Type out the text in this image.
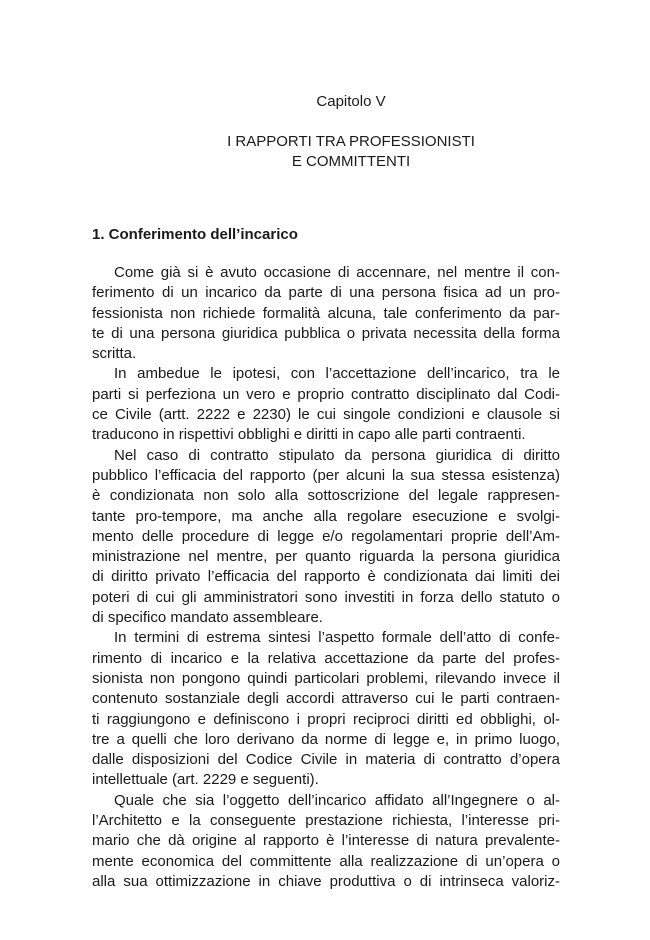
Capitolo V
I RAPPORTI TRA PROFESSIONISTI
E COMMITTENTI
1. Conferimento dell’incarico
Come già si è avuto occasione di accennare, nel mentre il con-
ferimento di un incarico da parte di una persona fisica ad un pro-
fessionista non richiede formalità alcuna, tale conferimento da par-
te di una persona giuridica pubblica o privata necessita della forma
scritta.
In ambedue le ipotesi, con l’accettazione dell’incarico, tra le
parti si perfeziona un vero e proprio contratto disciplinato dal Codi-
ce Civile (artt. 2222 e 2230) le cui singole condizioni e clausole si
traducono in rispettivi obblighi e diritti in capo alle parti contraenti.
Nel caso di contratto stipulato da persona giuridica di diritto
pubblico l’efficacia del rapporto (per alcuni la sua stessa esistenza)
è condizionata non solo alla sottoscrizione del legale rappresen-
tante pro-tempore, ma anche alla regolare esecuzione e svolgi-
mento delle procedure di legge e/o regolamentari proprie dell’Am-
ministrazione nel mentre, per quanto riguarda la persona giuridica
di diritto privato l’efficacia del rapporto è condizionata dai limiti dei
poteri di cui gli amministratori sono investiti in forza dello statuto o
di specifico mandato assembleare.
In termini di estrema sintesi l’aspetto formale dell’atto di confe-
rimento di incarico e la relativa accettazione da parte del profes-
sionista non pongono quindi particolari problemi, rilevando invece il
contenuto sostanziale degli accordi attraverso cui le parti contraen-
ti raggiungono e definiscono i propri reciproci diritti ed obblighi, ol-
tre a quelli che loro derivano da norme di legge e, in primo luogo,
dalle disposizioni del Codice Civile in materia di contratto d’opera
intellettuale (art. 2229 e seguenti).
Quale che sia l’oggetto dell’incarico affidato all’Ingegnere o al-
l’Architetto e la conseguente prestazione richiesta, l’interesse pri-
mario che dà origine al rapporto è l’interesse di natura prevalente-
mente economica del committente alla realizzazione di un’opera o
alla sua ottimizzazione in chiave produttiva o di intrinseca valoriz-
